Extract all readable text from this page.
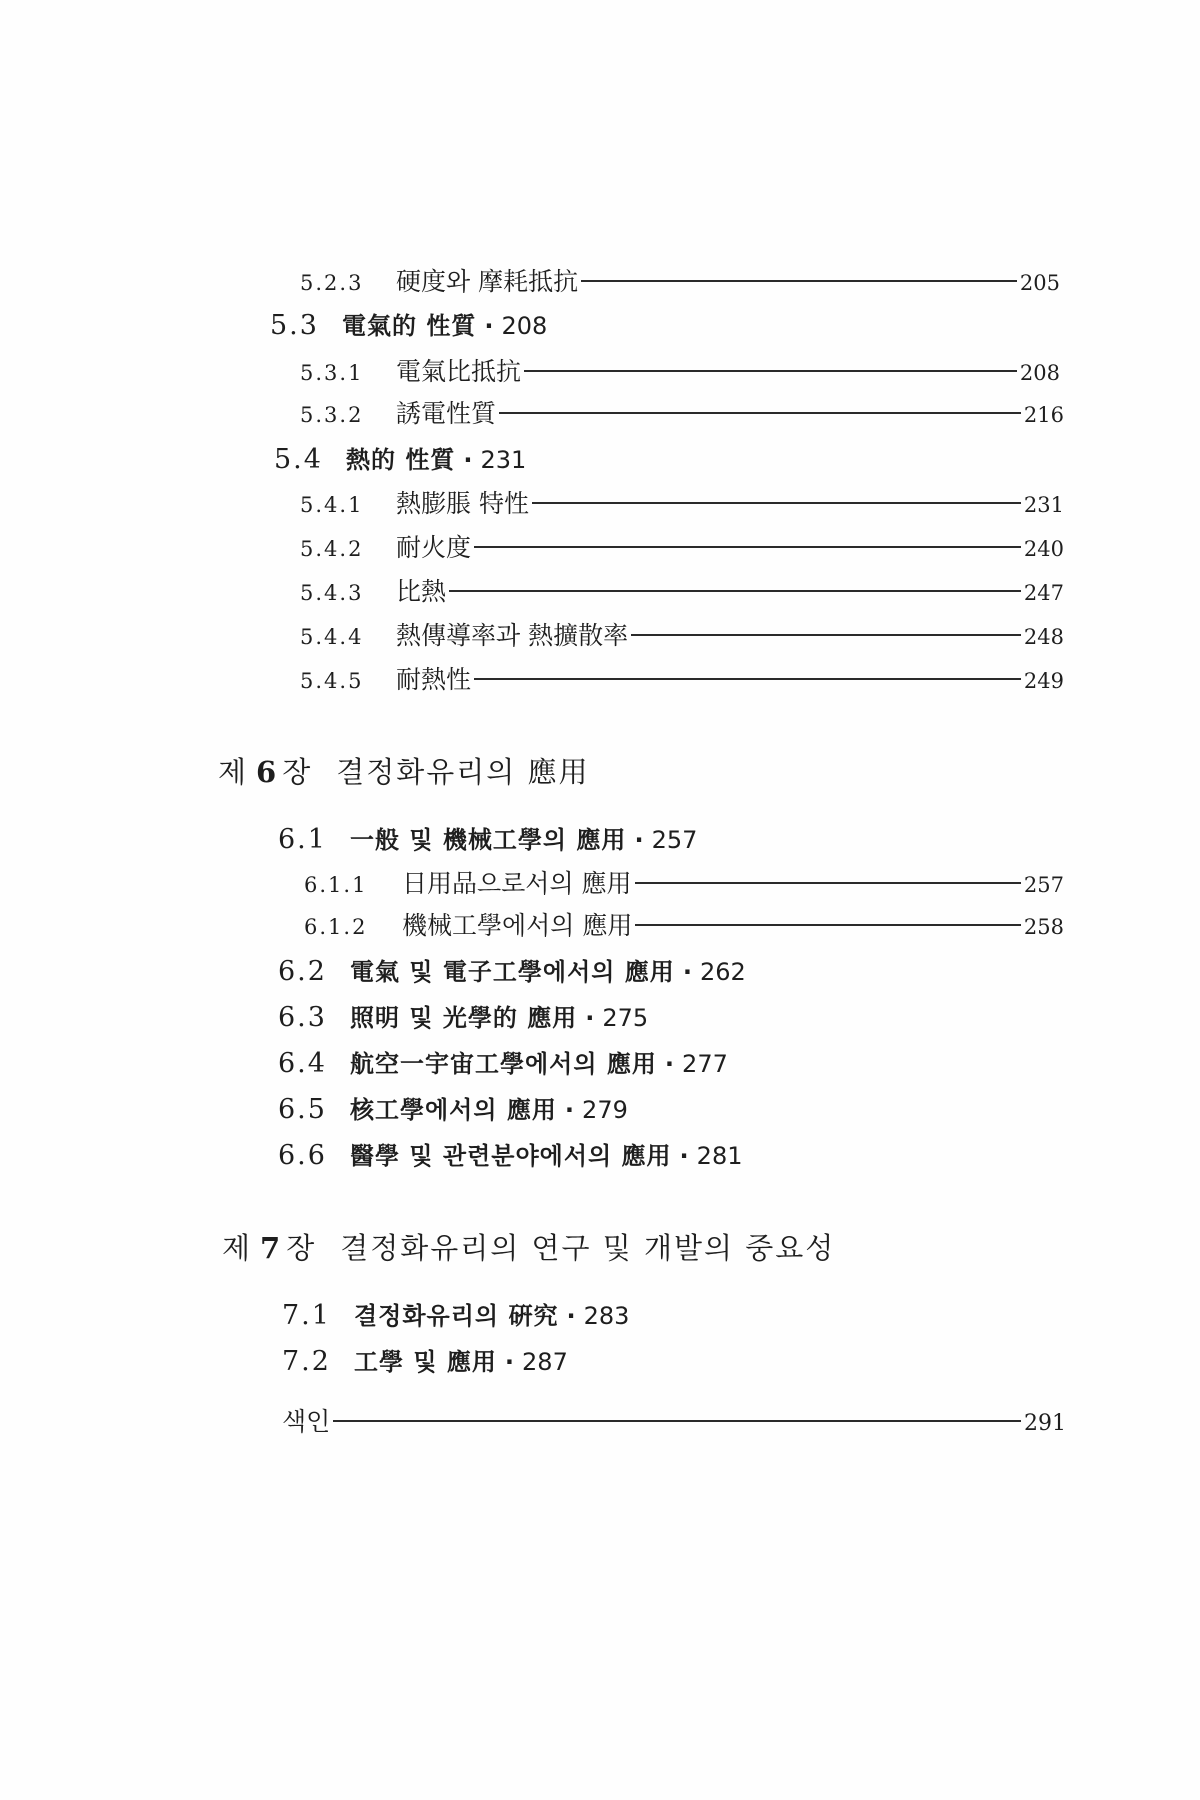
5.2.3	硬度와 摩耗抵抗	205
5.3 電氣的 性質 · 208
5.3.1	電氣比抵抗	208
5.3.2	誘電性質	216
5.4 熱的 性質 · 231
5.4.1	熱膨脹 特性	231
5.4.2	耐火度	240
5.4.3	比熱	247
5.4.4	熱傳導率과 熱擴散率	248
5.4.5	耐熱性	249
제 6 장 결정화유리의 應用
6.1 一般 및 機械工學의 應用 · 257
6.1.1	日用品으로서의 應用	257
6.1.2	機械工學에서의 應用	258
6.2 電氣 및 電子工學에서의 應用 · 262
6.3 照明 및 光學的 應用 · 275
6.4 航空一宇宙工學에서의 應用 · 277
6.5 核工學에서의 應用 · 279
6.6 醫學 및 관련분야에서의 應用 · 281
제 7 장 결정화유리의 연구 및 개발의 중요성
7.1 결정화유리의 硏究 · 283
7.2 工學 및 應用 · 287
색인	291
